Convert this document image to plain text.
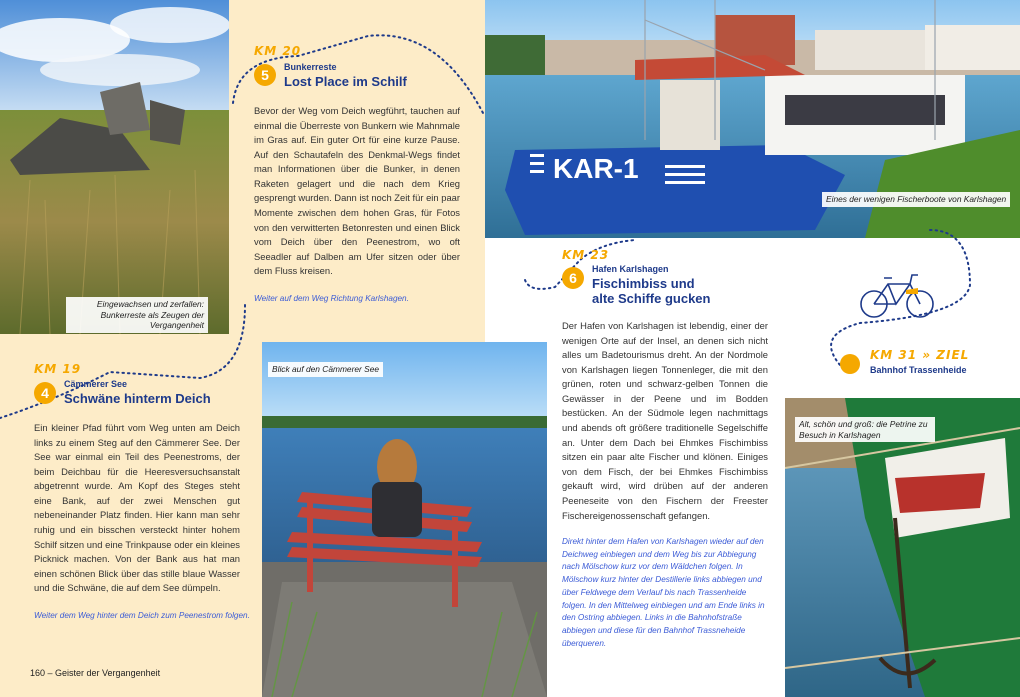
Eingewachsen und zerfallen: Bunkerreste als Zeugen der Vergangenheit
KAR-1
Eines der wenigen Fischerboote von Karlshagen
Blick auf den Cämmerer See
Alt, schön und groß: die Petrine zu Besuch in Karlshagen
KM 20
5	Bunkerreste
Lost Place im Schilf

Bevor der Weg vom Deich wegführt, tauchen auf einmal die Überreste von Bunkern wie Mahnmale im Gras auf. Ein guter Ort für eine kurze Pause. Auf den Schautafeln des Denkmal-Wegs findet man Informationen über die Bunker, in denen Raketen gelagert und die nach dem Krieg gesprengt wurden. Dann ist noch Zeit für ein paar Momente zwischen dem hohen Gras, für Fotos von den verwitterten Betonresten und einen Blick vom Deich über den Peenestrom, wo oft Seeadler auf Dalben am Ufer sitzen oder über dem Fluss kreisen.

Weiter auf dem Weg Richtung Karlshagen.

KM 19
4
Cämmerer See
Schwäne hinterm Deich

Ein kleiner Pfad führt vom Weg unten am Deich links zu einem Steg auf den Cämmerer See. Der See war einmal ein Teil des Peenestroms, der beim Deichbau für die Heeresversuchsanstalt abgetrennt wurde. Am Kopf des Steges steht eine Bank, auf der zwei Menschen gut nebeneinander Platz finden. Hier kann man sehr ruhig und ein bisschen versteckt hinter hohem Schilf sitzen und eine Trinkpause oder ein kleines Picknick machen. Von der Bank aus hat man einen schönen Blick über das stille blaue Wasser und die Schwäne, die auf dem See dümpeln.

Weiter dem Weg hinter dem Deich zum Peenestrom folgen.

KM 23
6
Hafen Karlshagen
Fischimbiss und
alte Schiffe gucken

Der Hafen von Karlshagen ist lebendig, einer der wenigen Orte auf der Insel, an denen sich nicht alles um Badetourismus dreht. An der Nordmole von Karlshagen liegen Tonnenleger, die mit den grünen, roten und schwarz-gelben Tonnen die Gewässer in der Peene und im Bodden bestücken. An der Südmole legen nachmittags und abends oft größere traditionelle Segelschiffe an. Unter dem Dach bei Ehmkes Fischimbiss sitzen ein paar alte Fischer und klönen. Einiges von dem Fisch, der bei Ehmkes Fischimbiss gekauft wird, wird drüben auf der anderen Peeneseite von den Fischern der Freester Fischereigenossenschaft gefangen.

Direkt hinter dem Hafen von Karlshagen wieder auf den Deichweg einbiegen und dem Weg bis zur Abbiegung nach Mölschow kurz vor dem Wäldchen folgen. In Mölschow kurz hinter der Destillerie links abbiegen und über Feldwege dem Verlauf bis nach Trassenheide folgen. In den Mittelweg einbiegen und am Ende links in den Ostring abbiegen. Links in die Bahnhofstraße abbiegen und diese für den Bahnhof Trassneheide überqueren.

KM 31 » ZIEL
Bahnhof Trassenheide
160 – Geister der Vergangenheit
